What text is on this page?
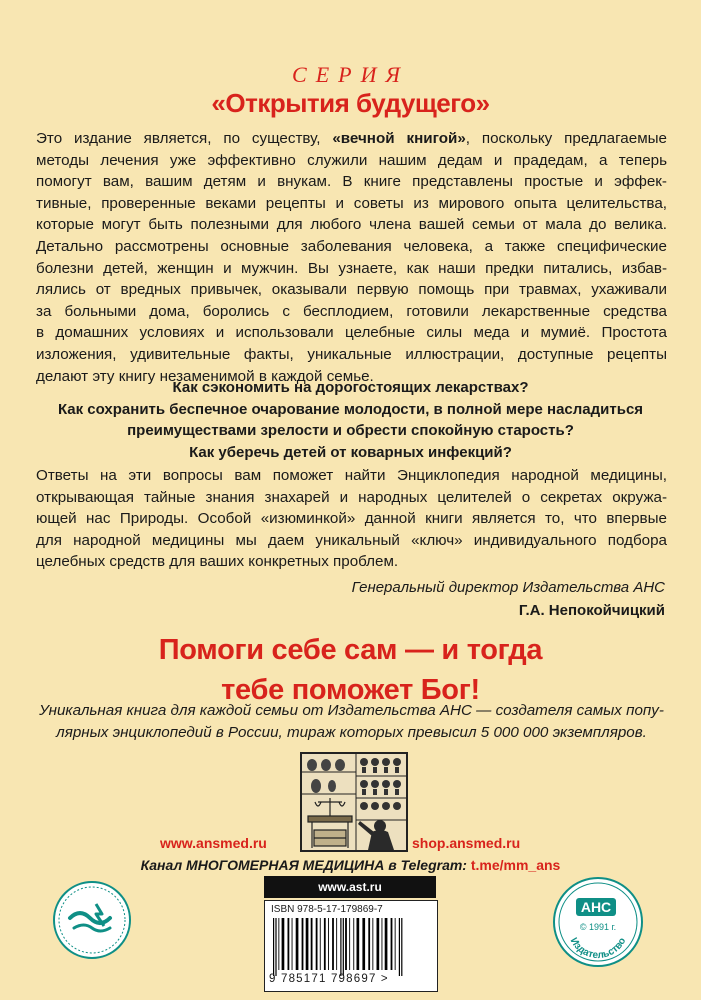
СЕРИЯ
«Открытия будущего»
Это издание является, по существу, «вечной книгой», поскольку предлагаемые
методы лечения уже эффективно служили нашим дедам и прадедам, а теперь
помогут вам, вашим детям и внукам. В книге представлены простые и эффек-
тивные, проверенные веками рецепты и советы из мирового опыта целительства,
которые могут быть полезными для любого члена вашей семьи от мала до велика.
Детально рассмотрены основные заболевания человека, а также специфические
болезни детей, женщин и мужчин. Вы узнаете, как наши предки питались, избав-
лялись от вредных привычек, оказывали первую помощь при травмах, ухаживали
за больными дома, боролись с бесплодием, готовили лекарственные средства
в домашних условиях и использовали целебные силы меда и мумиё. Простота
изложения, удивительные факты, уникальные иллюстрации, доступные рецепты
делают эту книгу незаменимой в каждой семье.
Как сэкономить на дорогостоящих лекарствах?
Как сохранить беспечное очарование молодости, в полной мере насладиться
преимуществами зрелости и обрести спокойную старость?
Как уберечь детей от коварных инфекций?
Ответы на эти вопросы вам поможет найти Энциклопедия народной медицины,
открывающая тайные знания знахарей и народных целителей о секретах окружа-
ющей нас Природы. Особой «изюминкой» данной книги является то, что впервые
для народной медицины мы даем уникальный «ключ» индивидуального подбора
целебных средств для ваших конкретных проблем.
Генеральный директор Издательства АНС
Г.А. Непокойчицкий
Помоги себе сам — и тогда
тебе поможет Бог!
Уникальная книга для каждой семьи от Издательства АНС — создателя самых попу-
лярных энциклопедий в России, тираж которых превысил 5 000 000 экземпляров.
www.ansmed.ru	shop.ansmed.ru
Канал МНОГОМЕРНАЯ МЕДИЦИНА в Telegram: t.me/mm_ans
www.ast.ru
ISBN 978-5-17-179869-7
9 785171 798697 >
АНС
© 1991 г.
Издательство
